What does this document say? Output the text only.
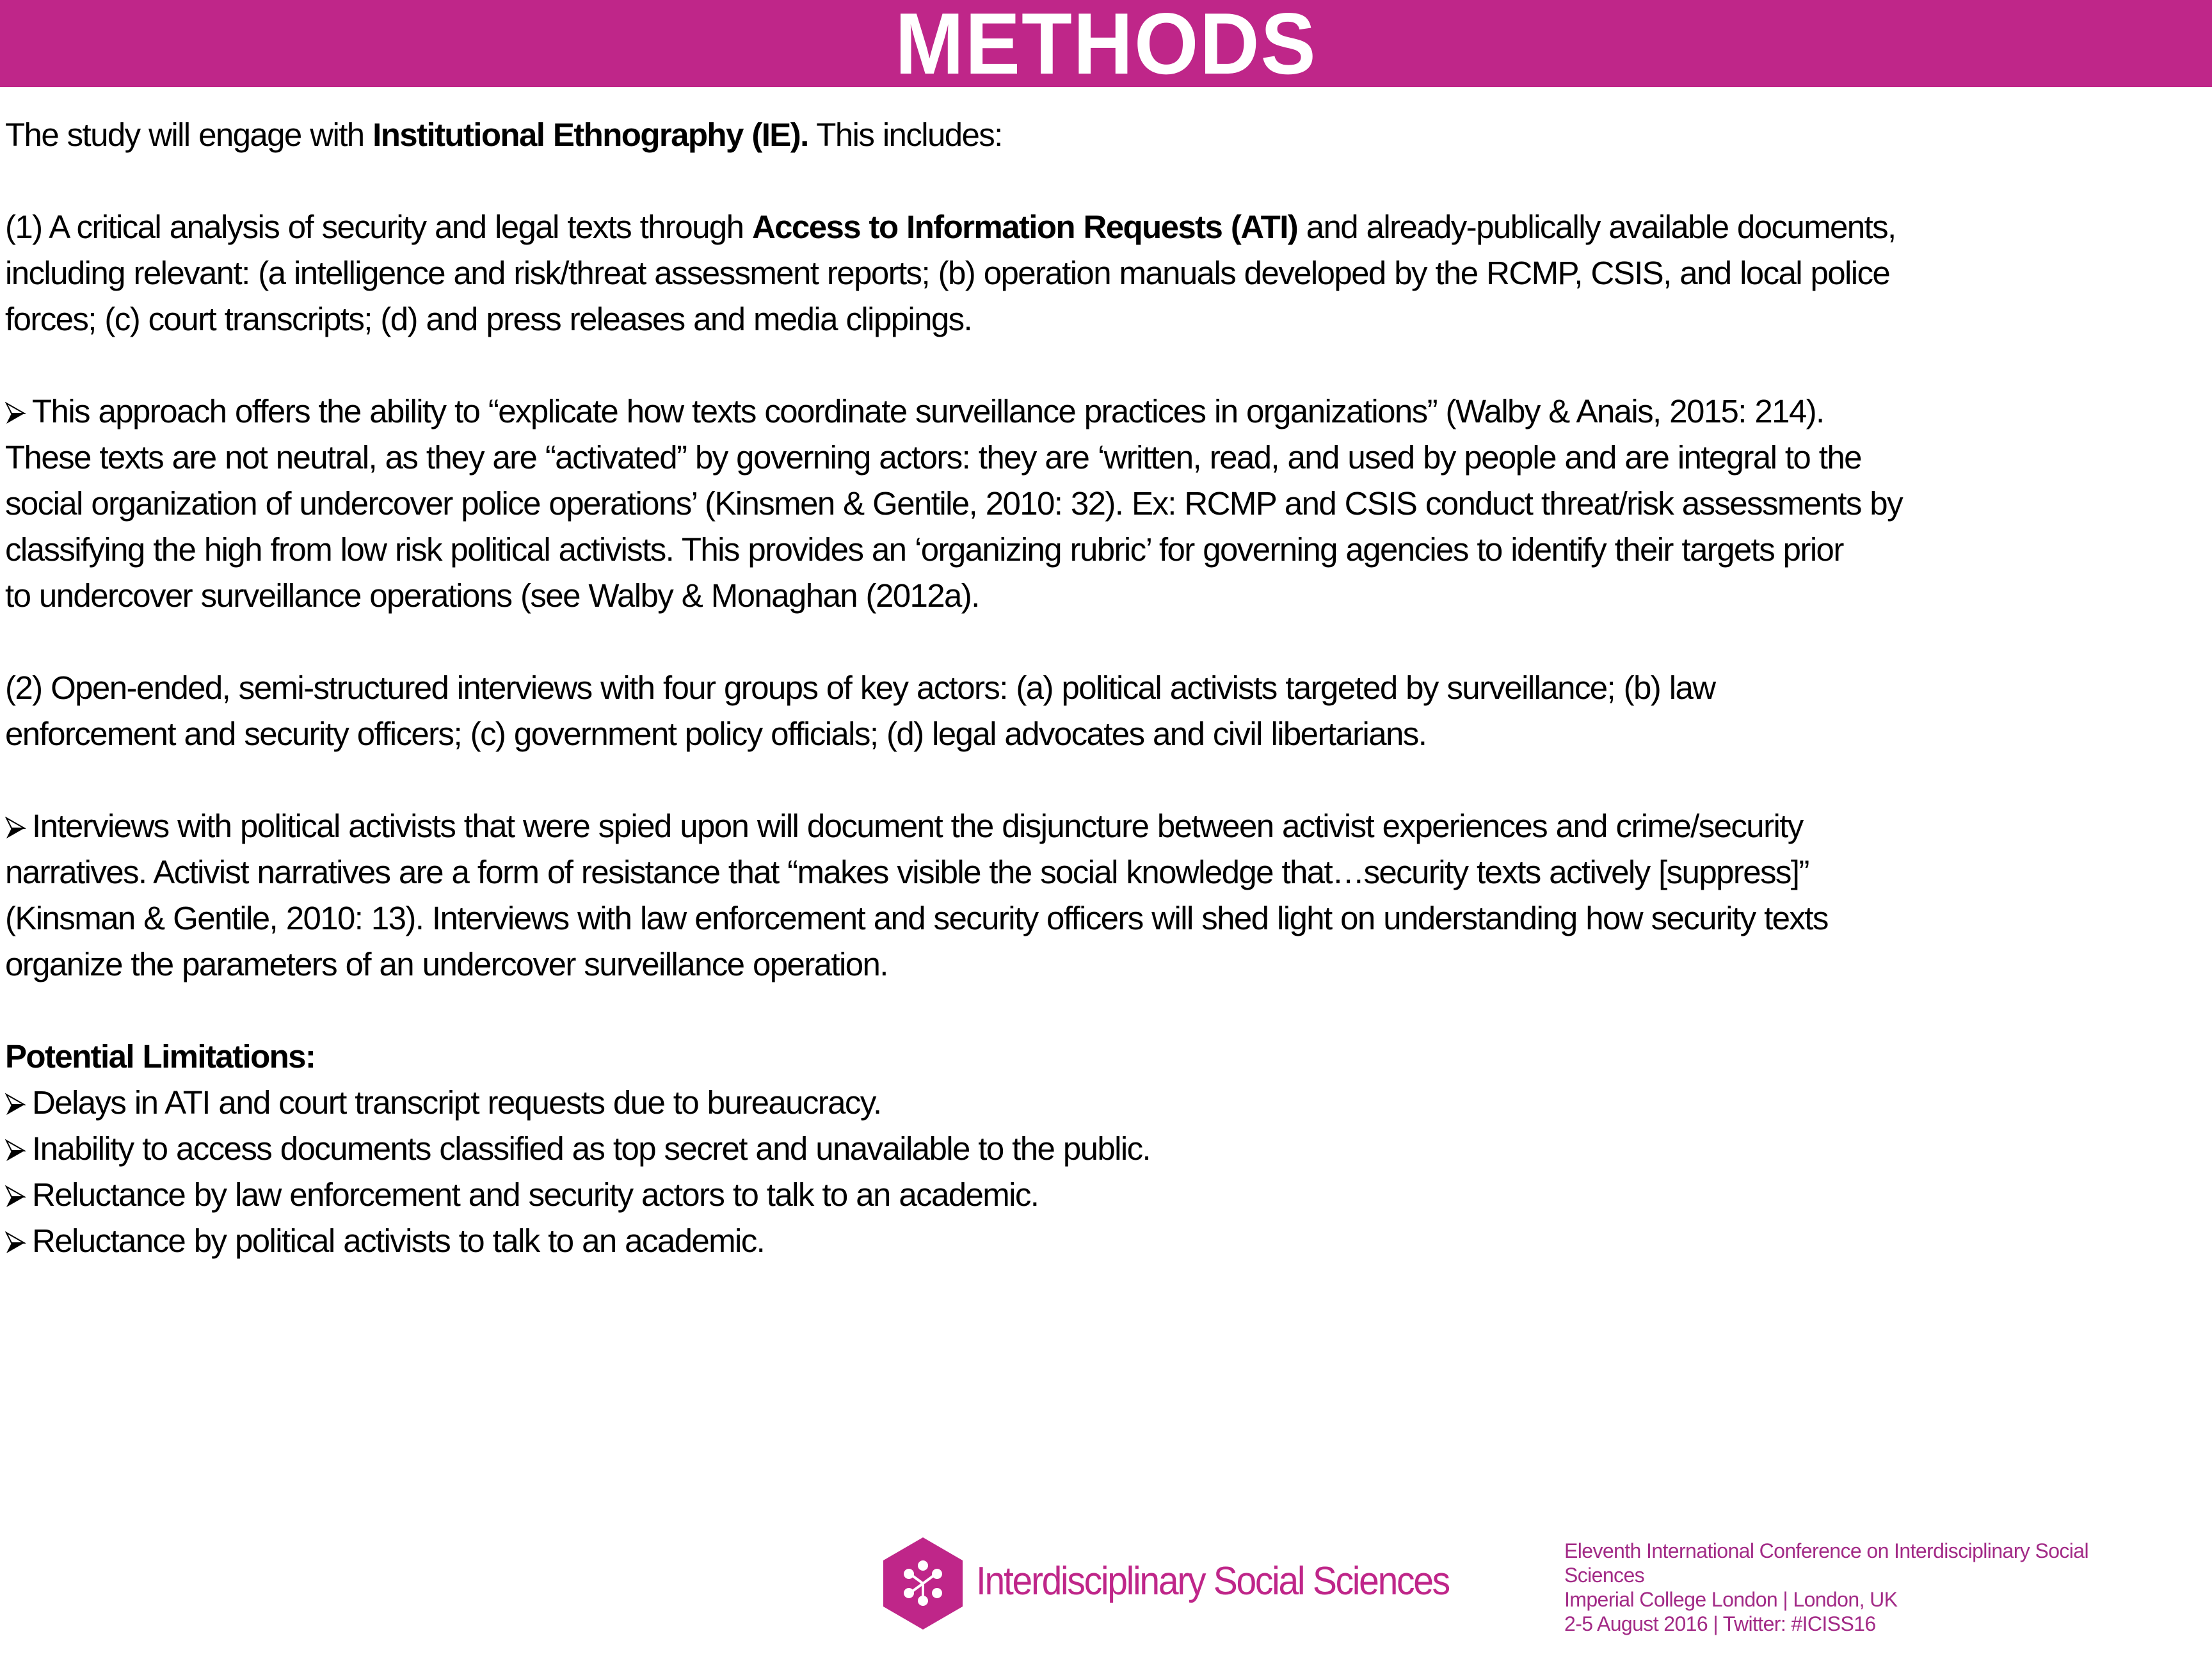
METHODS

The study will engage with Institutional Ethnography (IE). This includes:

(1) A critical analysis of security and legal texts through Access to Information Requests (ATI) and already-publically available documents,
including relevant: (a intelligence and risk/threat assessment reports; (b) operation manuals developed by the RCMP, CSIS, and local police
forces; (c) court transcripts; (d) and press releases and media clippings.

This approach offers the ability to “explicate how texts coordinate surveillance practices in organizations” (Walby & Anais, 2015: 214).
These texts are not neutral, as they are “activated” by governing actors: they are ‘written, read, and used by people and are integral to the
social organization of undercover police operations’ (Kinsmen & Gentile, 2010: 32). Ex: RCMP and CSIS conduct threat/risk assessments by
classifying the high from low risk political activists. This provides an ‘organizing rubric’ for governing agencies to identify their targets prior
to undercover surveillance operations (see Walby & Monaghan (2012a).

(2) Open-ended, semi-structured interviews with four groups of key actors: (a) political activists targeted by surveillance; (b) law
enforcement and security officers; (c) government policy officials; (d) legal advocates and civil libertarians.

Interviews with political activists that were spied upon will document the disjuncture between activist experiences and crime/security
narratives. Activist narratives are a form of resistance that “makes visible the social knowledge that…security texts actively [suppress]”
(Kinsman & Gentile, 2010: 13). Interviews with law enforcement and security officers will shed light on understanding how security texts
organize the parameters of an undercover surveillance operation.

Potential Limitations:
Delays in ATI and court transcript requests due to bureaucracy.
Inability to access documents classified as top secret and unavailable to the public.
Reluctance by law enforcement and security actors to talk to an academic.
Reluctance by political activists to talk to an academic.

Interdisciplinary Social Sciences
Eleventh International Conference on Interdisciplinary Social
Sciences
Imperial College London | London, UK
2-5 August 2016 | Twitter: #ICISS16
